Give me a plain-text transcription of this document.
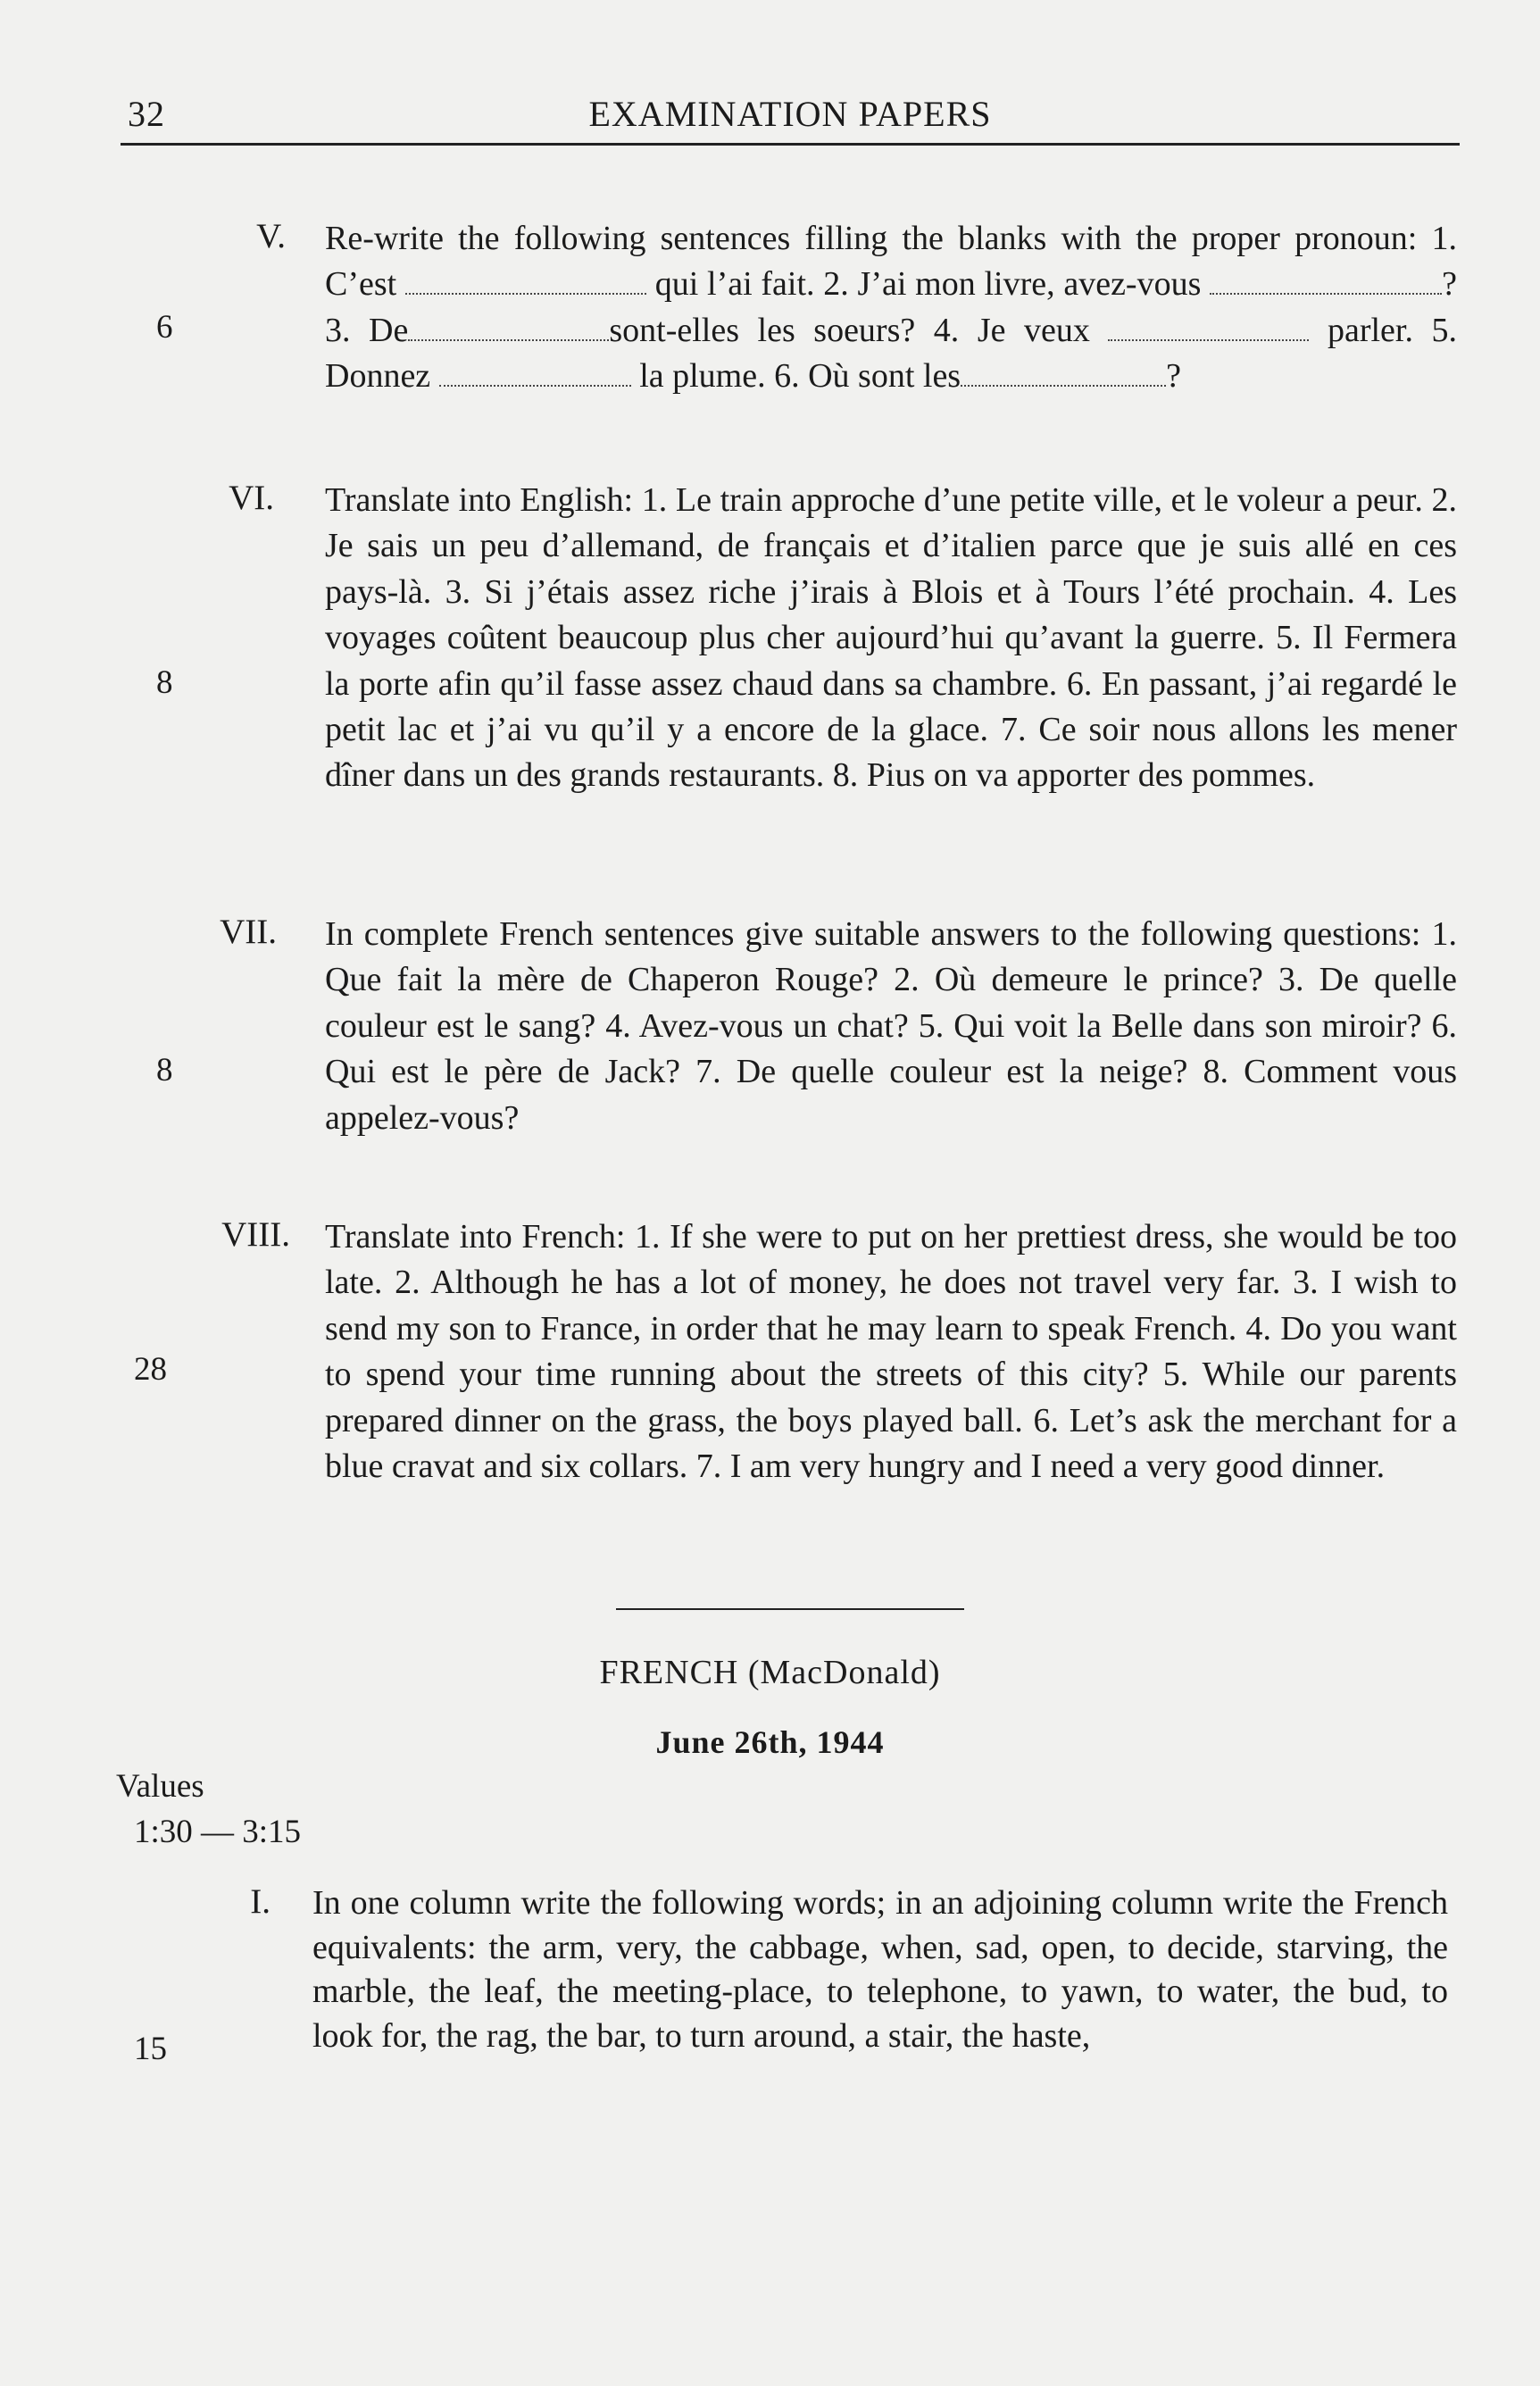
32	EXAMINATION PAPERS
V.
6
Re-write the following sentences filling the blanks with the proper pronoun: 1. C’est	qui l’ai fait. 2. J’ai mon livre, avez-vous	? 3. De	sont-elles les soeurs? 4. Je veux	parler. 5. Donnez	la plume. 6. Où sont les	?
VI.
8
Translate into English: 1. Le train approche d’une petite ville, et le voleur a peur. 2. Je sais un peu d’allemand, de français et d’italien parce que je suis allé en ces pays-là. 3. Si j’étais assez riche j’irais à Blois et à Tours l’été prochain. 4. Les voyages coûtent beaucoup plus cher aujourd’hui qu’avant la guerre. 5. Il Fermera la porte afin qu’il fasse assez chaud dans sa chambre. 6. En passant, j’ai regardé le petit lac et j’ai vu qu’il y a encore de la glace. 7. Ce soir nous allons les mener dîner dans un des grands restaurants. 8. Pius on va apporter des pommes.
VII.
8
In complete French sentences give suitable answers to the following questions: 1. Que fait la mère de Chaperon Rouge? 2. Où demeure le prince? 3. De quelle couleur est le sang? 4. Avez-vous un chat? 5. Qui voit la Belle dans son miroir? 6. Qui est le père de Jack? 7. De quelle couleur est la neige? 8. Comment vous appelez-vous?
VIII.
28
Translate into French: 1. If she were to put on her prettiest dress, she would be too late. 2. Although he has a lot of money, he does not travel very far. 3. I wish to send my son to France, in order that he may learn to speak French. 4. Do you want to spend your time running about the streets of this city? 5. While our parents prepared dinner on the grass, the boys played ball. 6. Let’s ask the merchant for a blue cravat and six collars. 7. I am very hungry and I need a very good dinner.
FRENCH (MacDonald)
June 26th, 1944
Values
1:30 — 3:15
I.
15
In one column write the following words; in an adjoining column write the French equivalents: the arm, very, the cabbage, when, sad, open, to decide, starving, the marble, the leaf, the meeting-place, to telephone, to yawn, to water, the bud, to look for, the rag, the bar, to turn around, a stair, the haste,
